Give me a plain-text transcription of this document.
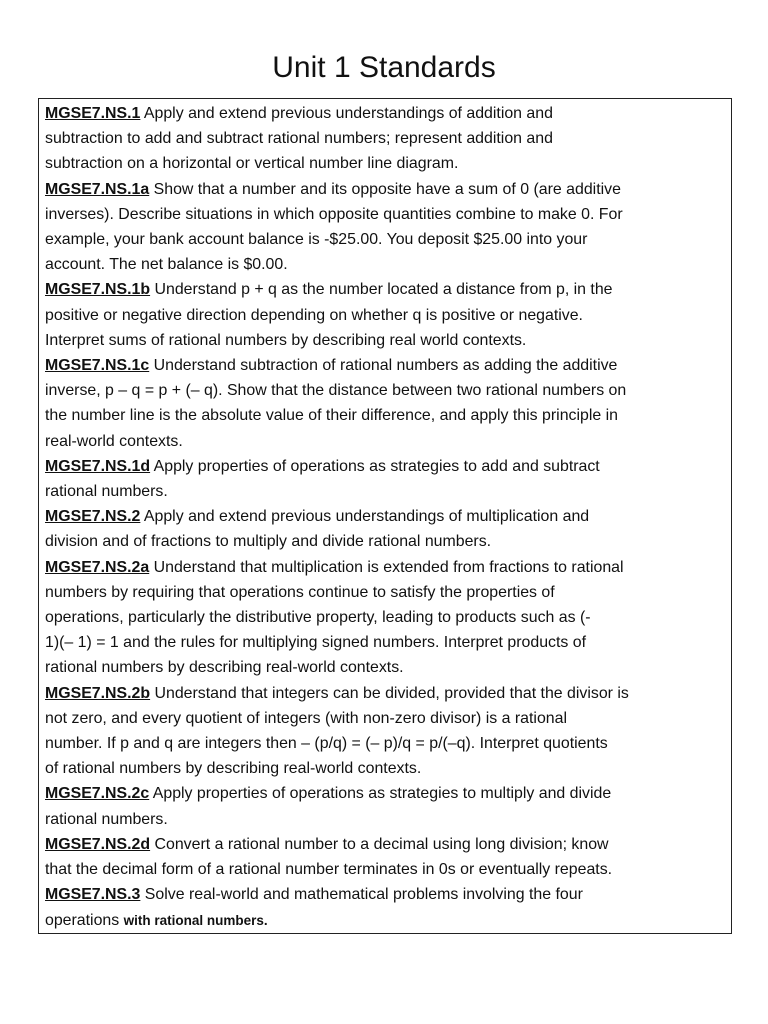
Unit 1 Standards

MGSE7.NS.1 Apply and extend previous understandings of addition and
subtraction to add and subtract rational numbers; represent addition and
subtraction on a horizontal or vertical number line diagram.

MGSE7.NS.1a Show that a number and its opposite have a sum of 0 (are additive
inverses). Describe situations in which opposite quantities combine to make 0. For
example, your bank account balance is -$25.00. You deposit $25.00 into your
account. The net balance is $0.00.

MGSE7.NS.1b Understand p + q as the number located a distance from p, in the
positive or negative direction depending on whether q is positive or negative.
Interpret sums of rational numbers by describing real world contexts.

MGSE7.NS.1c Understand subtraction of rational numbers as adding the additive
inverse, p – q = p + (– q). Show that the distance between two rational numbers on
the number line is the absolute value of their difference, and apply this principle in
real-world contexts.

MGSE7.NS.1d Apply properties of operations as strategies to add and subtract
rational numbers.

MGSE7.NS.2 Apply and extend previous understandings of multiplication and
division and of fractions to multiply and divide rational numbers.

MGSE7.NS.2a Understand that multiplication is extended from fractions to rational
numbers by requiring that operations continue to satisfy the properties of
operations, particularly the distributive property, leading to products such as (-
1)(– 1) = 1 and the rules for multiplying signed numbers. Interpret products of
rational numbers by describing real-world contexts.

MGSE7.NS.2b Understand that integers can be divided, provided that the divisor is
not zero, and every quotient of integers (with non-zero divisor) is a rational
number. If p and q are integers then – (p/q) = (– p)/q = p/(–q). Interpret quotients
of rational numbers by describing real-world contexts.

MGSE7.NS.2c Apply properties of operations as strategies to multiply and divide
rational numbers.

MGSE7.NS.2d Convert a rational number to a decimal using long division; know
that the decimal form of a rational number terminates in 0s or eventually repeats.

MGSE7.NS.3 Solve real-world and mathematical problems involving the four
operations with rational numbers.
